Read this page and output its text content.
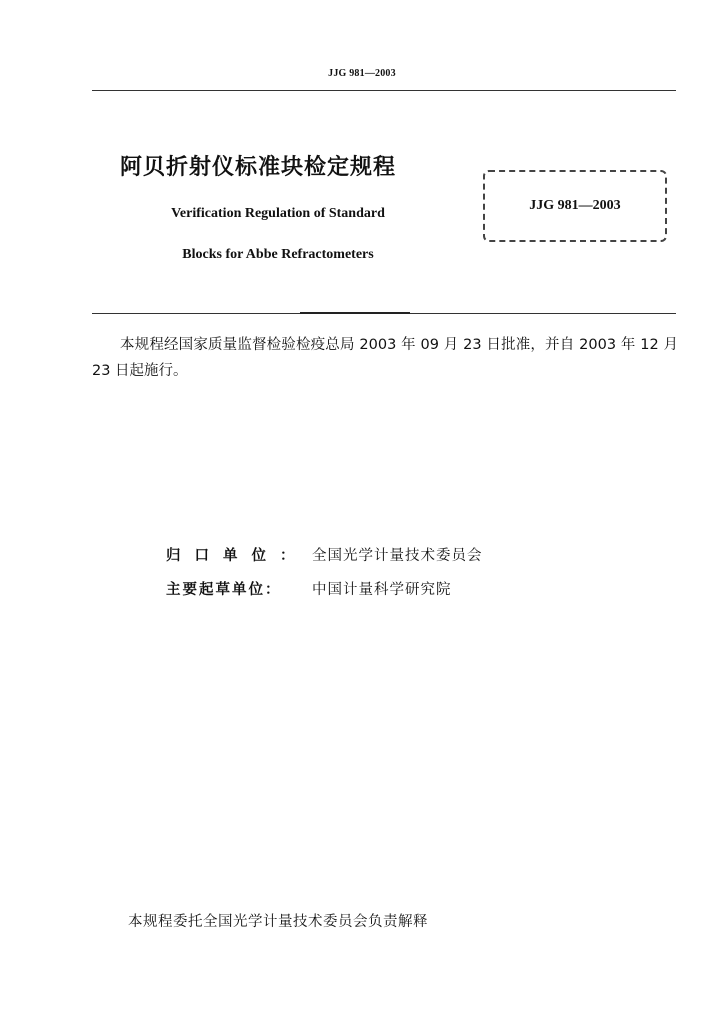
JJG 981—2003
阿贝折射仪标准块检定规程
Verification Regulation of Standard
Blocks for Abbe Refractometers
JJG 981—2003
本规程经国家质量监督检验检疫总局 2003 年 09 月 23 日批准，并自 2003 年 12 月 23 日起施行。
归口单位： 全国光学计量技术委员会
主要起草单位： 中国计量科学研究院
本规程委托全国光学计量技术委员会负责解释
